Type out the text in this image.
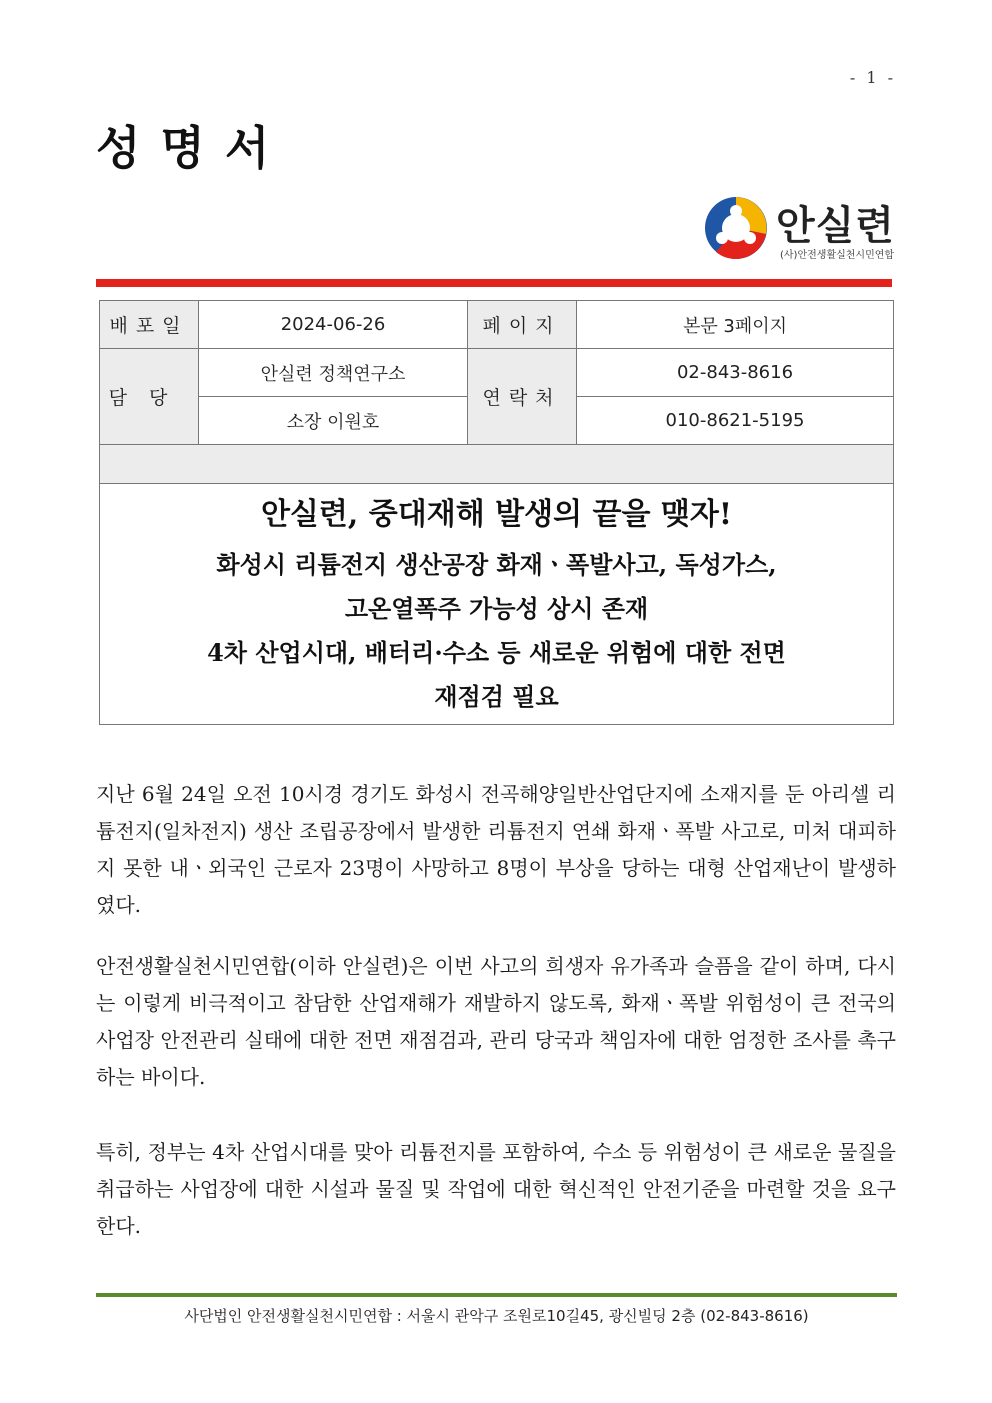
- 1 -
성명서
안실련
(사)안전생활실천시민연합
배포일	2024-06-26	페이지	본문 3페이지
담당	안실련 정책연구소	연락처	02-843-8616
	소장 이원호		010-8621-5195

안실련, 중대재해 발생의 끝을 맺자!
화성시 리튬전지 생산공장 화재ㆍ폭발사고, 독성가스,
고온열폭주 가능성 상시 존재
4차 산업시대, 배터리·수소 등 새로운 위험에 대한 전면
재점검 필요			

지난 6월 24일 오전 10시경 경기도 화성시 전곡해양일반산업단지에 소재지를 둔 아리셀 리튬전지(일차전지) 생산 조립공장에서 발생한 리튬전지 연쇄 화재ㆍ폭발 사고로, 미처 대피하지 못한 내ㆍ외국인 근로자 23명이 사망하고 8명이 부상을 당하는 대형 산업재난이 발생하였다.

안전생활실천시민연합(이하 안실련)은 이번 사고의 희생자 유가족과 슬픔을 같이 하며, 다시는 이렇게 비극적이고 참담한 산업재해가 재발하지 않도록, 화재ㆍ폭발 위험성이 큰 전국의 사업장 안전관리 실태에 대한 전면 재점검과, 관리 당국과 책임자에 대한 엄정한 조사를 촉구하는 바이다.

특히, 정부는 4차 산업시대를 맞아 리튬전지를 포함하여, 수소 등 위험성이 큰 새로운 물질을 취급하는 사업장에 대한 시설과 물질 및 작업에 대한 혁신적인 안전기준을 마련할 것을 요구한다.

사단법인 안전생활실천시민연합 : 서울시 관악구 조원로10길45, 광신빌딩 2층 (02-843-8616)
